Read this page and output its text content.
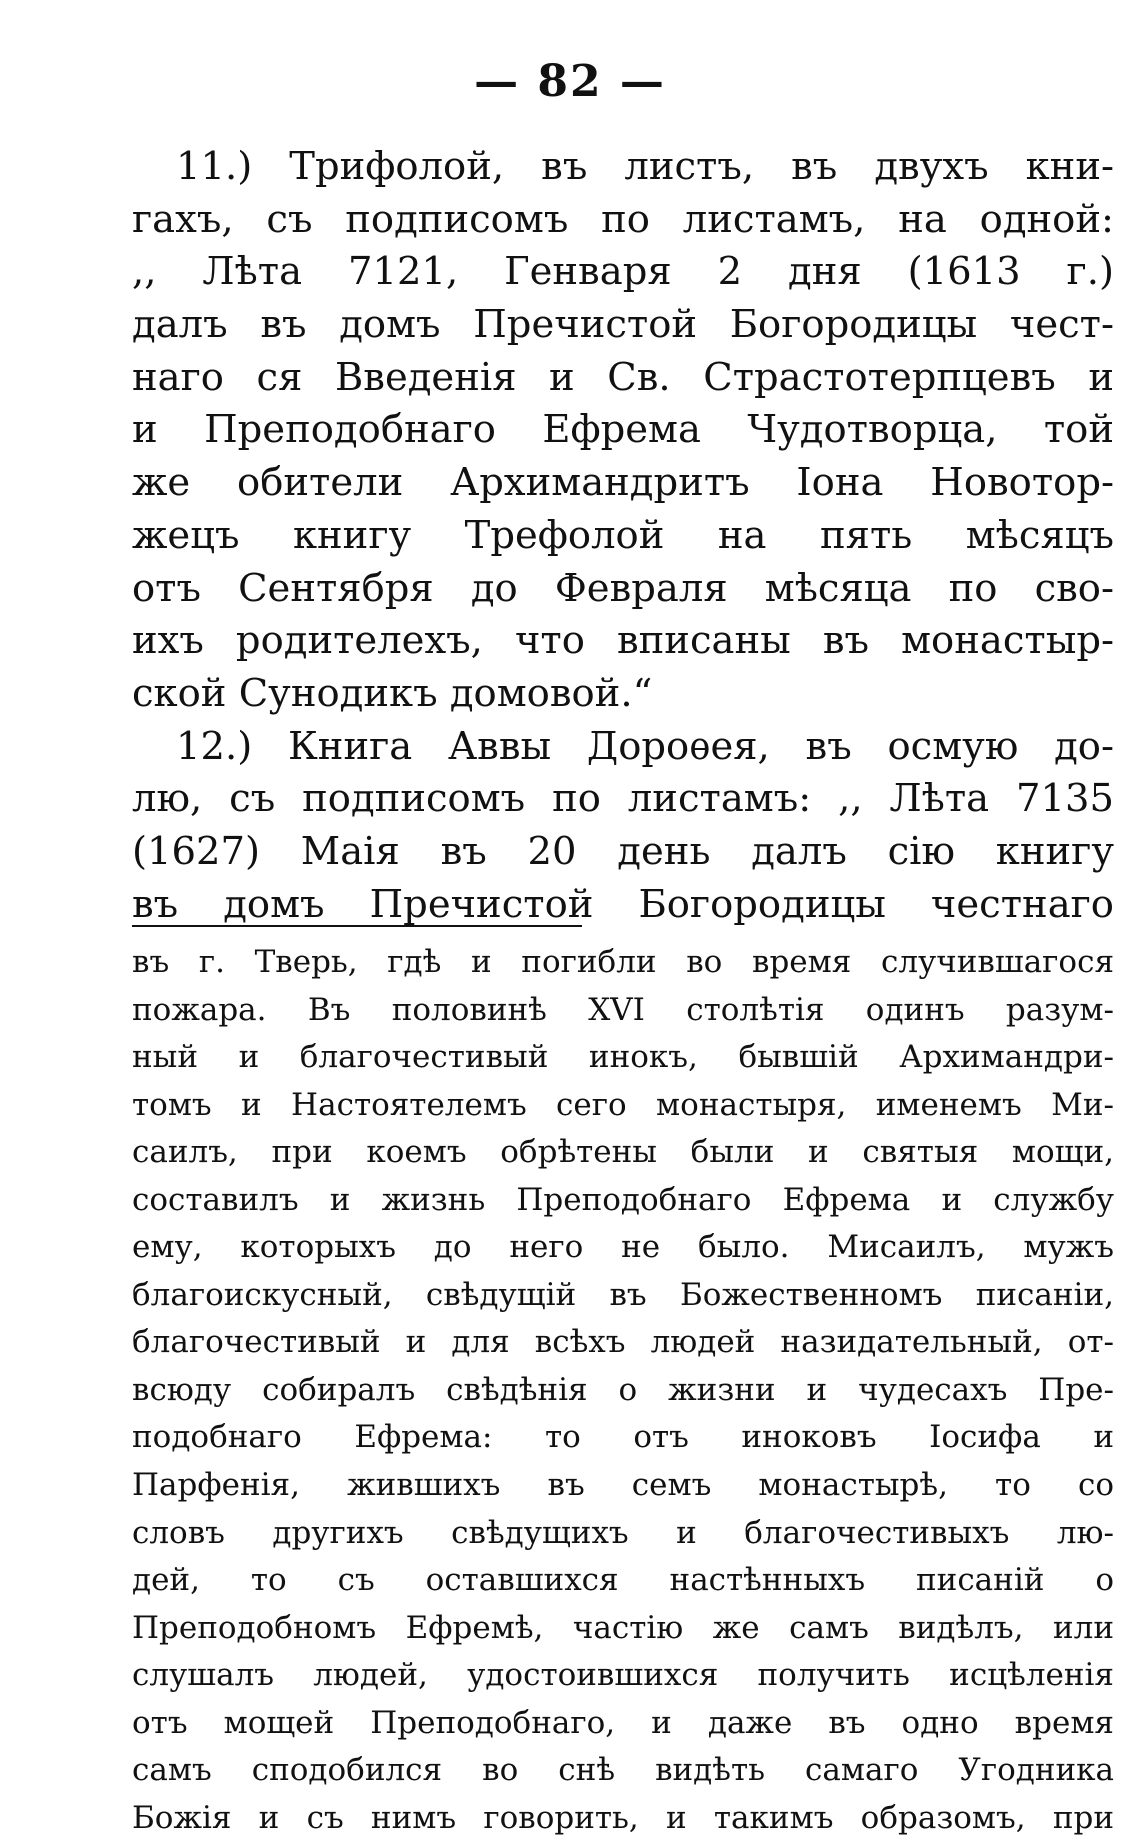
— 82 —
11.) Трифолой, въ листъ, въ двухъ кни-
гахъ, съ подписомъ по листамъ, на одной:
,, Лѣта 7121, Генваря 2 дня (1613 г.)
далъ въ домъ Пречистой Богородицы чест-
наго ся Введенія и Св. Страстотерпцевъ и
и Преподобнаго Ефрема Чудотворца, той
же обители Архимандритъ Іона Новотор-
жецъ книгу Трефолой на пять мѣсяцъ
отъ Сентября до Февраля мѣсяца по сво-
ихъ родителехъ, что вписаны въ монастыр-
ской Сунодикъ домовой.“
12.) Книга Аввы Дороѳея, въ осмую до-
лю, съ подписомъ по листамъ: ,, Лѣта 7135
(1627) Маія въ 20 день далъ сію книгу
въ домъ Пречистой Богородицы честнаго
въ г. Тверь, гдѣ и погибли во время случившагося
пожара. Въ половинѣ XVI столѣтія одинъ разум-
ный и благочестивый инокъ, бывшій Архимандри-
томъ и Настоятелемъ сего монастыря, именемъ Ми-
саилъ, при коемъ обрѣтены были и святыя мощи,
составилъ и жизнь Преподобнаго Ефрема и службу
ему, которыхъ до него не было. Мисаилъ, мужъ
благоискусный, свѣдущій въ Божественномъ писаніи,
благочестивый и для всѣхъ людей назидательный, от-
всюду собиралъ свѣдѣнія о жизни и чудесахъ Пре-
подобнаго Ефрема: то отъ иноковъ Іосифа и
Парфенія, жившихъ въ семъ монастырѣ, то со
словъ другихъ свѣдущихъ и благочестивыхъ лю-
дей, то съ оставшихся настѣнныхъ писаній о
Преподобномъ Ефремѣ, частію же самъ видѣлъ, или
слушалъ людей, удостоившихся получить исцѣленія
отъ мощей Преподобнаго, и даже въ одно время
самъ сподобился во снѣ видѣть самаго Угодника
Божія и съ нимъ говорить, и такимъ образомъ, при
